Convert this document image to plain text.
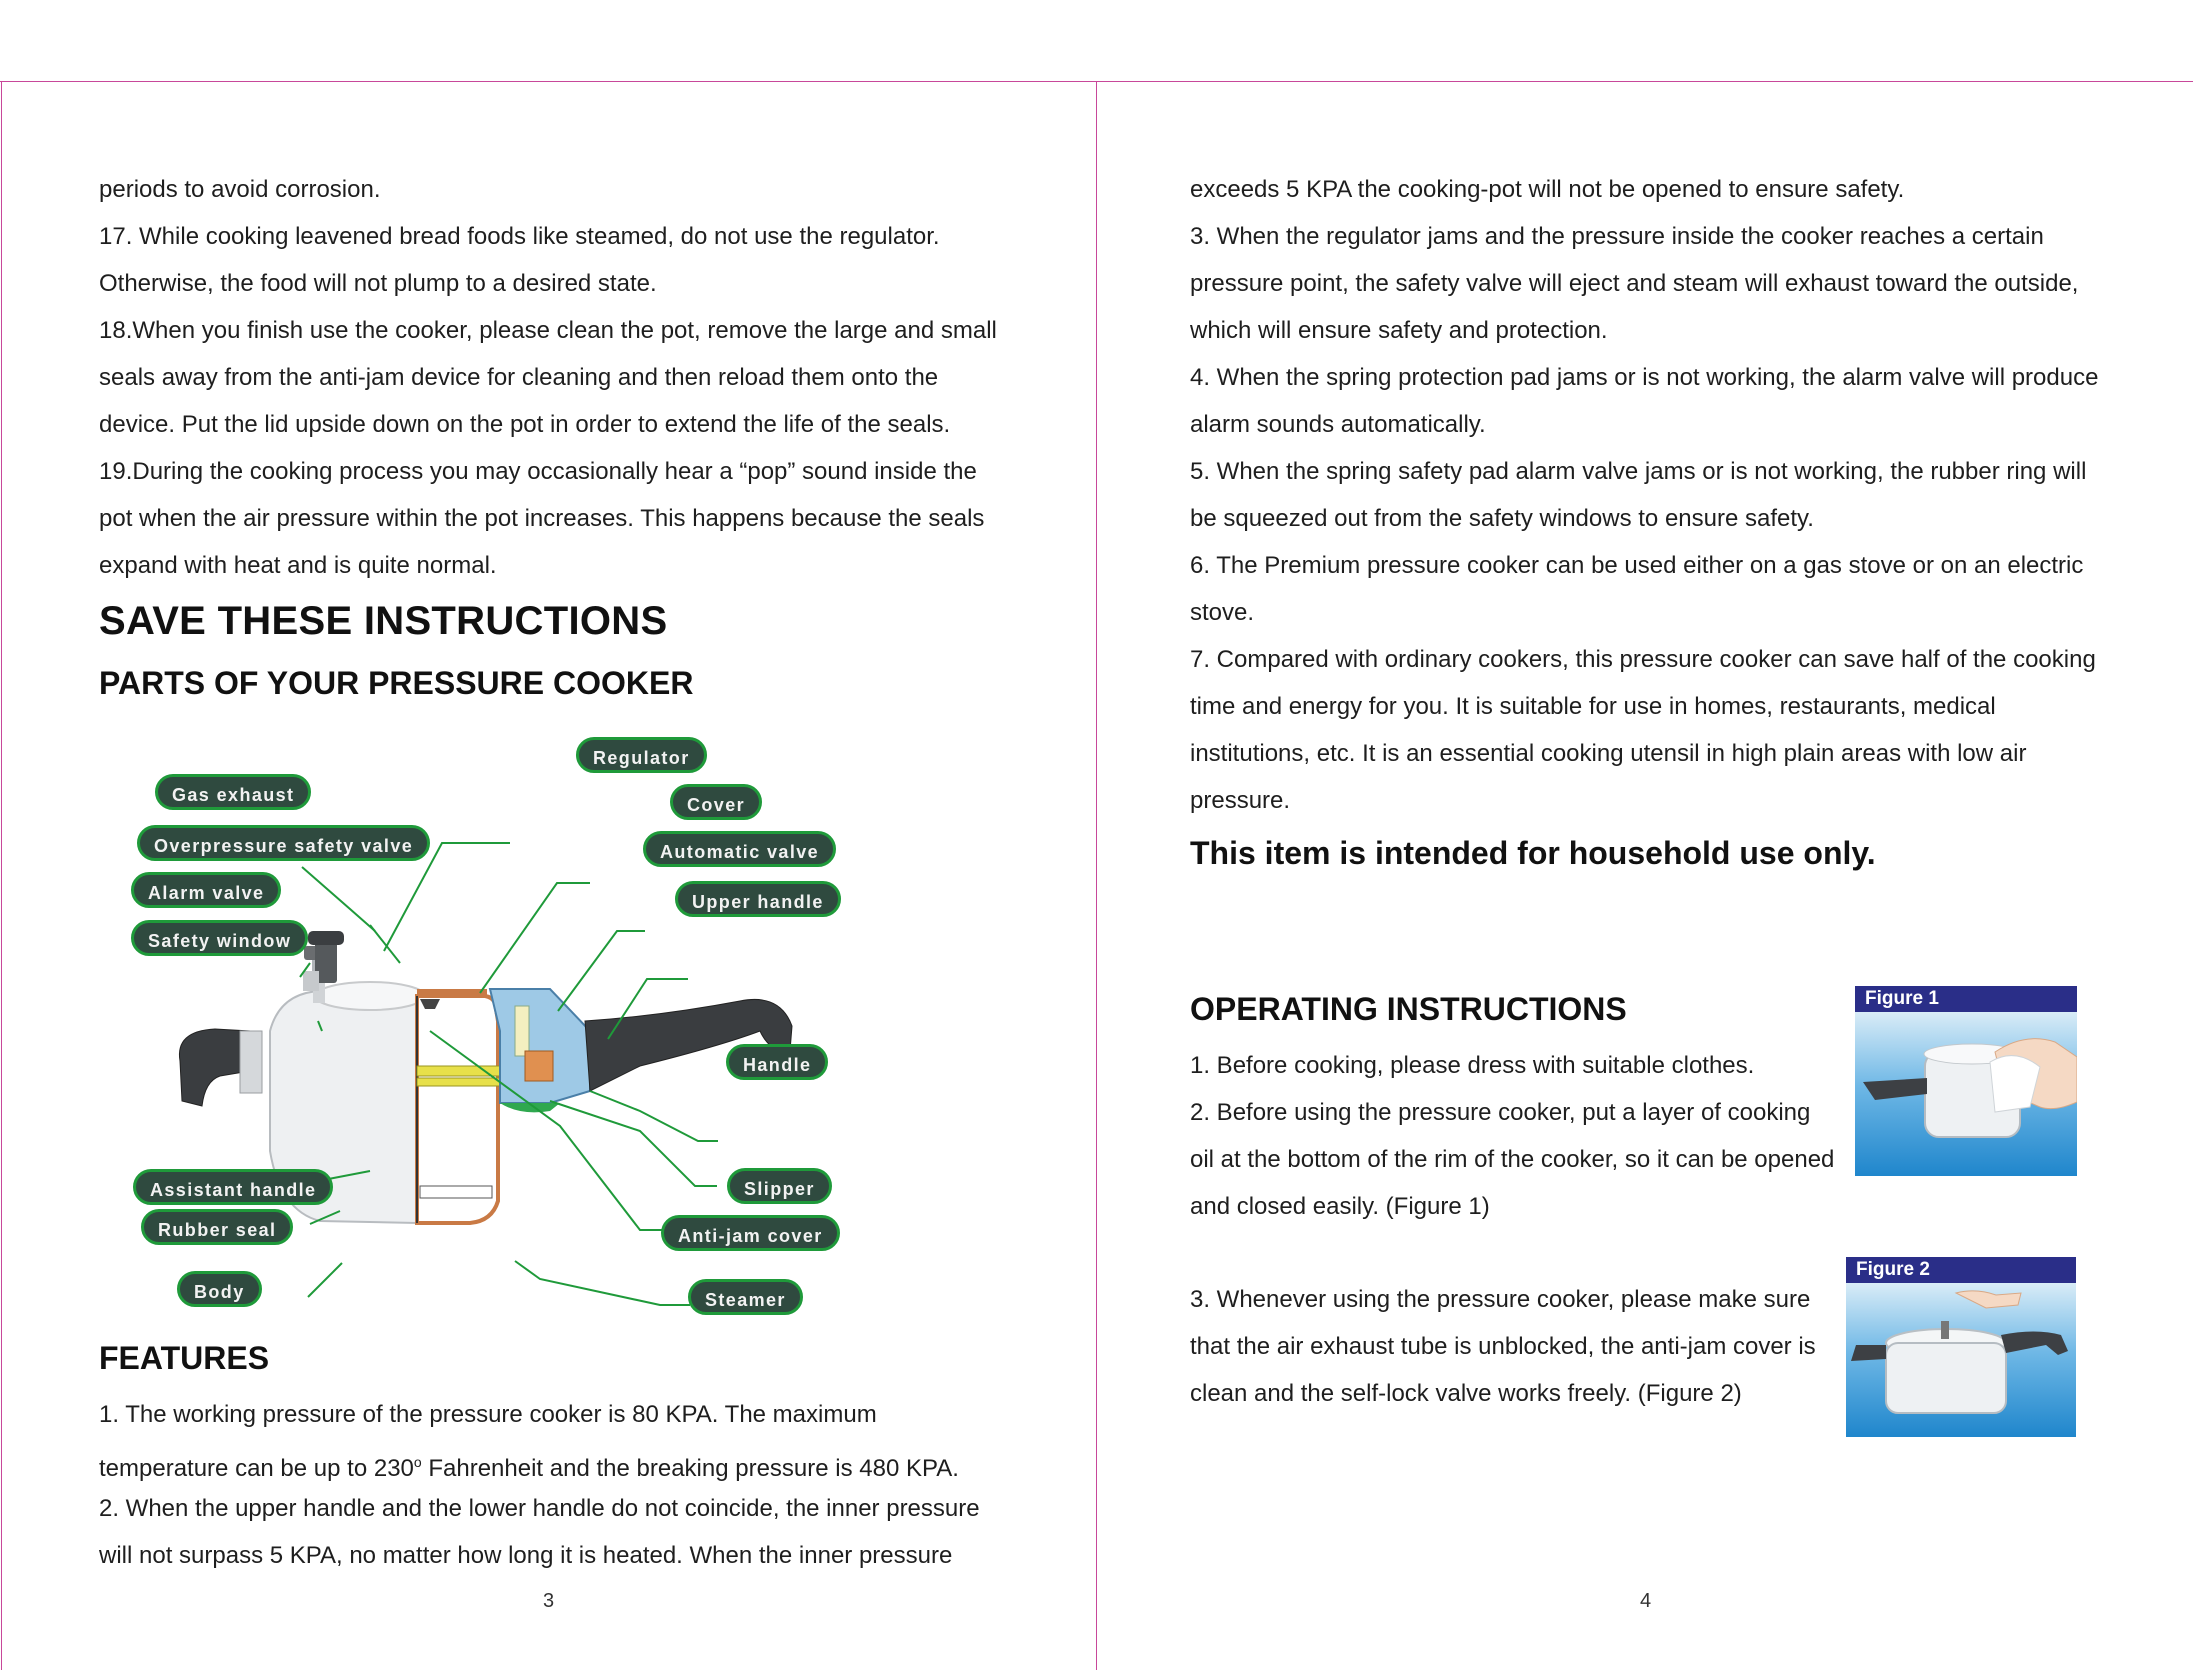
periods to avoid corrosion.
17. While cooking leavened bread foods like steamed, do not use the regulator.
Otherwise, the food will not plump to a desired state.
18.When you finish use the cooker, please clean the pot, remove the large and small
seals away from the anti-jam device for cleaning and then reload them onto the
device. Put the lid upside down on the pot in order to extend the life of the seals.
19.During the cooking process you may occasionally hear a “pop” sound inside the
pot when the air pressure within the pot increases. This happens because the seals
expand with heat and is quite normal.
SAVE THESE INSTRUCTIONS
PARTS OF YOUR PRESSURE COOKER
Regulator
Gas exhaust	Cover
Overpressure safety valve	Automatic valve
Alarm valve	Upper handle
Safety window
Handle
Assistant handle	Slipper
Rubber seal	Anti-jam cover
Body	Steamer
FEATURES
1. The working pressure of the pressure cooker is 80 KPA. The maximum
temperature can be up to 230$^o$ Fahrenheit and the breaking pressure is 480 KPA.
2. When the upper handle and the lower handle do not coincide, the inner pressure
will not surpass 5 KPA, no matter how long it is heated. When the inner pressure
3
exceeds 5 KPA the cooking-pot will not be opened to ensure safety.
3. When the regulator jams and the pressure inside the cooker reaches a certain
pressure point, the safety valve will eject and steam will exhaust toward the outside,
which will ensure safety and protection.
4. When the spring protection pad jams or is not working, the alarm valve will produce
alarm sounds automatically.
5. When the spring safety pad alarm valve jams or is not working, the rubber ring will
be squeezed out from the safety windows to ensure safety.
6. The Premium pressure cooker can be used either on a gas stove or on an electric
stove.
7. Compared with ordinary cookers, this pressure cooker can save half of the cooking
time and energy for you. It is suitable for use in homes, restaurants, medical
institutions, etc. It is an essential cooking utensil in high plain areas with low air
pressure.
This item is intended for household use only.
OPERATING INSTRUCTIONS
1. Before cooking, please dress with suitable clothes.
2. Before using the pressure cooker, put a layer of cooking
oil at the bottom of the rim of the cooker, so it can be opened
and closed easily. (Figure 1)
3. Whenever using the pressure cooker, please make sure
that the air exhaust tube is unblocked, the anti-jam cover is
clean and the self-lock valve works freely. (Figure 2)
Figure 1
Figure 2
4
